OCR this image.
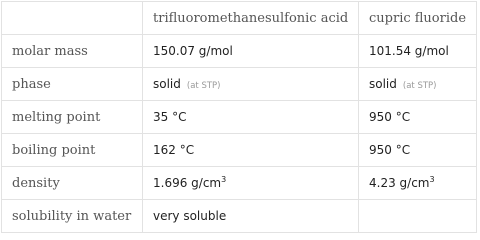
	trifluoromethanesulfonic acid	cupric fluoride
molar mass	150.07 g/mol	101.54 g/mol
phase	solid (at STP)	solid (at STP)
melting point	35 °C	950 °C
boiling point	162 °C	950 °C
density	1.696 $g/cm^3$	4.23 $g/cm^3$
solubility in water	very soluble	
